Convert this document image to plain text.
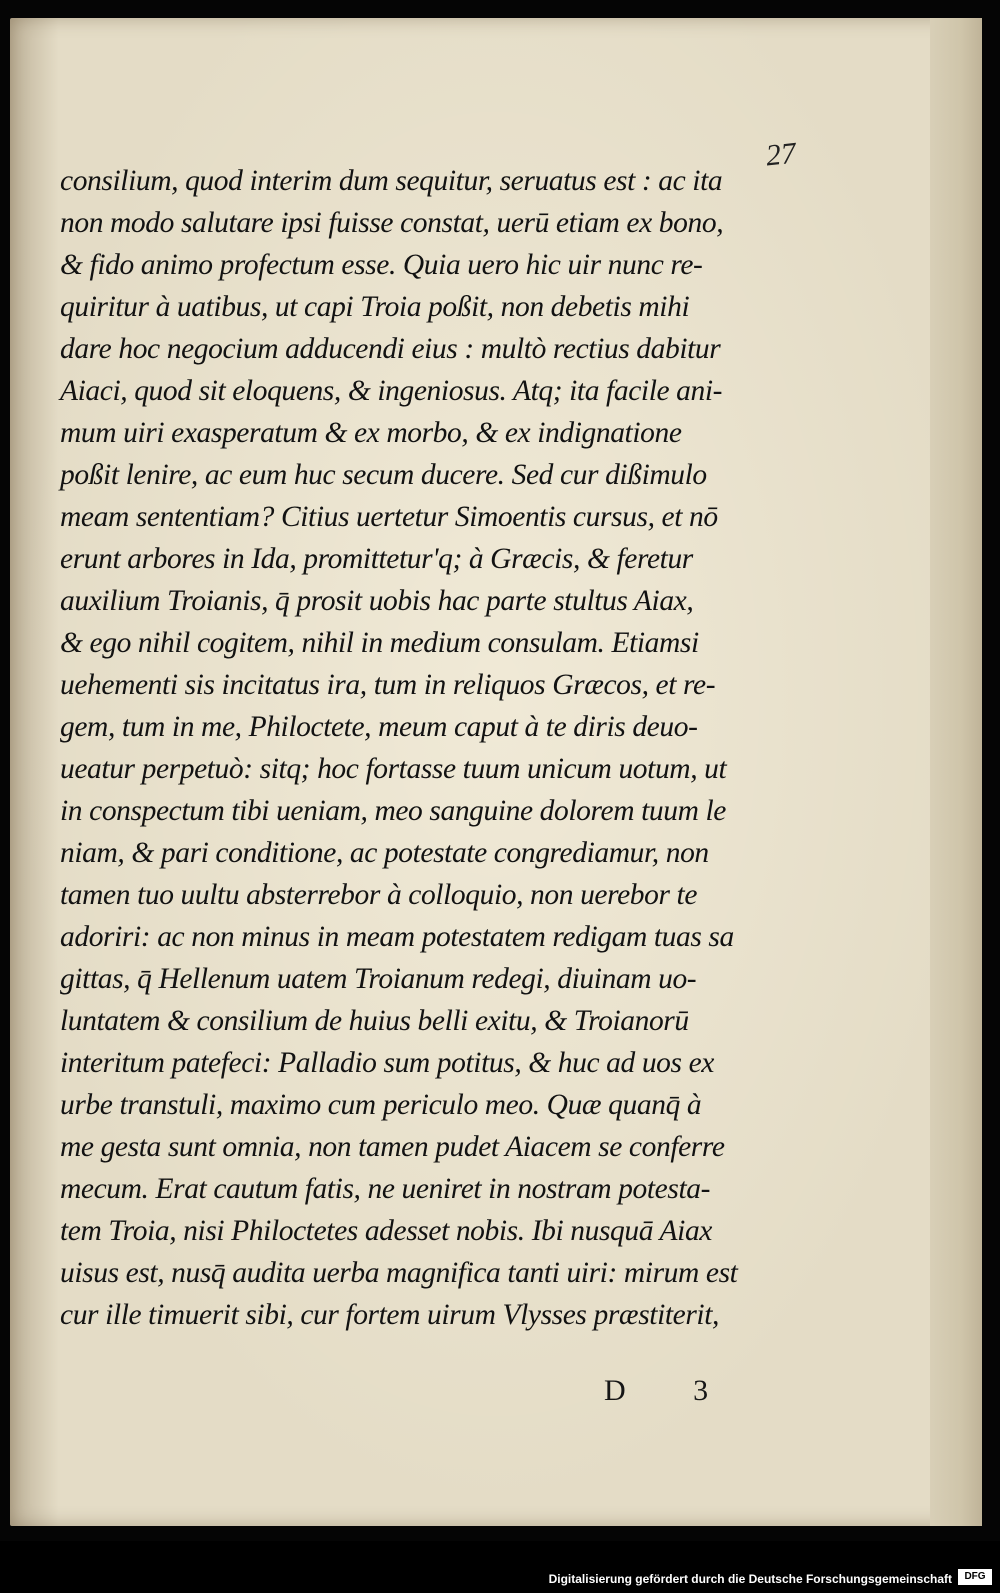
27
consilium, quod interim dum sequitur, seruatus est : ac ita
non modo salutare ipsi fuisse constat, uerū etiam ex bono,
& fido animo profectum esse. Quia uero hic uir nunc re-
quiritur à uatibus, ut capi Troia poßit, non debetis mihi
dare hoc negocium adducendi eius : multò rectius dabitur
Aiaci, quod sit eloquens, & ingeniosus. Atq; ita facile ani-
mum uiri exasperatum & ex morbo, & ex indignatione
poßit lenire, ac eum huc secum ducere. Sed cur dißimulo
meam sententiam? Citius uertetur Simoentis cursus, et nō
erunt arbores in Ida, promittetur'q; à Græcis, & feretur
auxilium Troianis, q̄ prosit uobis hac parte stultus Aiax,
& ego nihil cogitem, nihil in medium consulam. Etiamsi
uehementi sis incitatus ira, tum in reliquos Græcos, et re-
gem, tum in me, Philoctete, meum caput à te diris deuo-
ueatur perpetuò: sitq; hoc fortasse tuum unicum uotum, ut
in conspectum tibi ueniam, meo sanguine dolorem tuum le
niam, & pari conditione, ac potestate congrediamur, non
tamen tuo uultu absterrebor à colloquio, non uerebor te
adoriri: ac non minus in meam potestatem redigam tuas sa
gittas, q̄ Hellenum uatem Troianum redegi, diuinam uo-
luntatem & consilium de huius belli exitu, & Troianorū
interitum patefeci: Palladio sum potitus, & huc ad uos ex
urbe transtuli, maximo cum periculo meo. Quæ quanq̄ à
me gesta sunt omnia, non tamen pudet Aiacem se conferre
mecum. Erat cautum fatis, ne ueniret in nostram potesta-
tem Troia, nisi Philoctetes adesset nobis. Ibi nusquā Aiax
uisus est, nusq̄ audita uerba magnifica tanti uiri: mirum est
cur ille timuerit sibi, cur fortem uirum Vlysses præstiterit,
D 3
Digitalisierung gefördert durch die Deutsche Forschungsgemeinschaft	DFG
